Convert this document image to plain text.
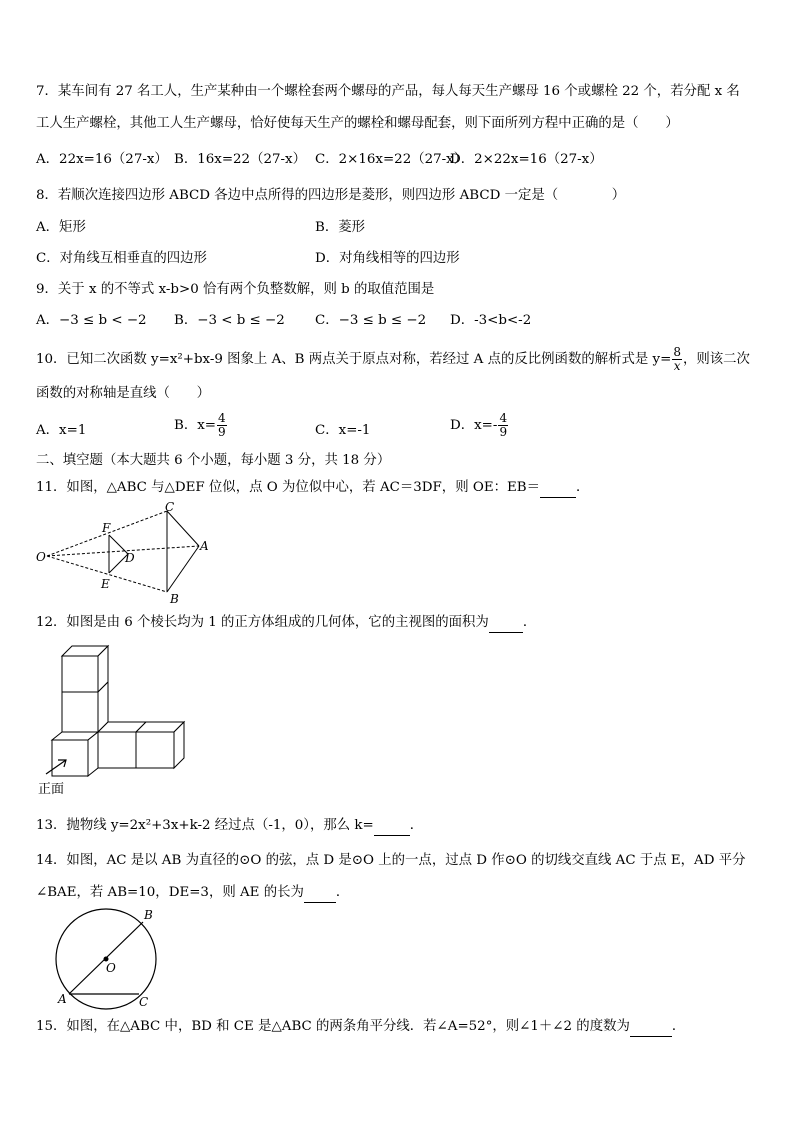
7．某车间有 27 名工人，生产某种由一个螺栓套两个螺母的产品，每人每天生产螺母 16 个或螺栓 22 个，若分配 x 名
工人生产螺栓，其他工人生产螺母，恰好使每天生产的螺栓和螺母配套，则下面所列方程中正确的是（　　）
A．22x=16（27-x） B．16x=22（27-x） C．2×16x=22（27-x）
D．2×22x=16（27-x）
8．若顺次连接四边形 ABCD 各边中点所得的四边形是菱形，则四边形 ABCD 一定是（　　　　）
A．矩形	B．菱形
C．对角线互相垂直的四边形	D．对角线相等的四边形
9．关于 x 的不等式 x-b>0 恰有两个负整数解，则 b 的取值范围是
A．−3 ≤ b < −2 B．−3 < b ≤ −2 C．−3 ≤ b ≤ −2 D．-3<b<-2
10．已知二次函数 y=x²+bx-9 图象上 A、B 两点关于原点对称，若经过 A 点的反比例函数的解析式是 $y= \frac{8}{x}$ ，则该二次
函数的对称轴是直线（　　）
A．x=1	B．$x= \frac{4}{9}$	C．x=-1	D．$x=- \frac{4}{9}$
二、填空题（本大题共 6 个小题，每小题 3 分，共 18 分）
11．如图，△ABC 与△DEF 位似，点 O 为位似中心，若 AC＝3DF，则 OE：EB＝	．
O
F
D
E
C
A
B
12．如图是由 6 个棱长均为 1 的正方体组成的几何体，它的主视图的面积为	．
正面
13．抛物线 y=2x²+3x+k-2 经过点（-1，0），那么 k=	．
14．如图，AC 是以 AB 为直径的⊙O 的弦，点 D 是⊙O 上的一点，过点 D 作⊙O 的切线交直线 AC 于点 E，AD 平分
∠BAE，若 AB=10，DE=3，则 AE 的长为 ．
B
O
A	C
15．如图，在△ABC 中，BD 和 CE 是△ABC 的两条角平分线．若∠A=52°，则∠1＋∠2 的度数为	．
